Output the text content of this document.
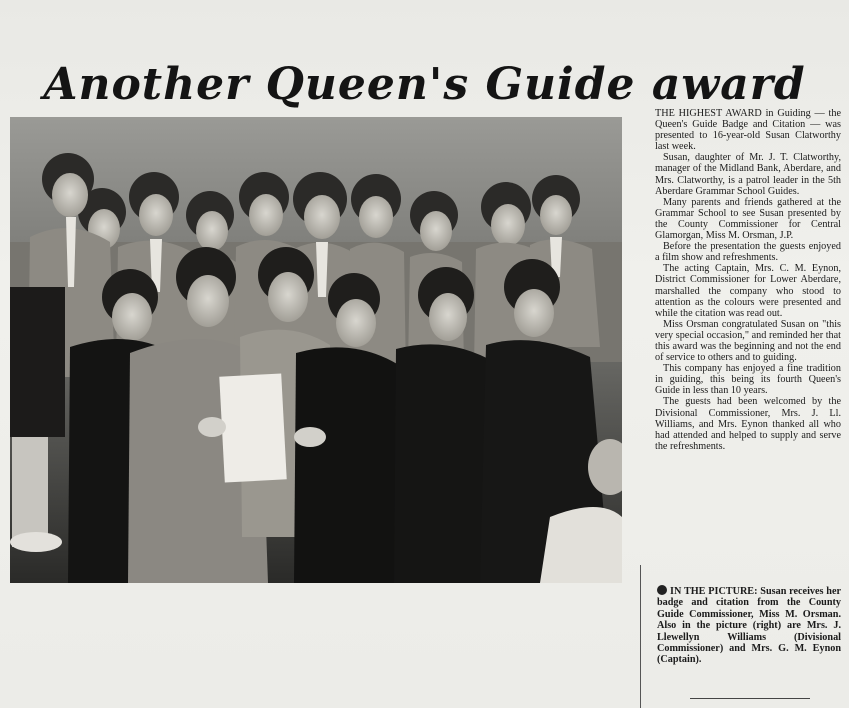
Another Queen's Guide award

THE HIGHEST AWARD in Guiding — the Queen's Guide Badge and Citation — was presented to 16-year-old Susan Clatworthy last week.

Susan, daughter of Mr. J. T. Clatworthy, manager of the Midland Bank, Aberdare, and Mrs. Clatworthy, is a patrol leader in the 5th Aberdare Grammar School Guides.

Many parents and friends gathered at the Grammar School to see Susan presented by the County Commissioner for Central Glamorgan, Miss M. Orsman, J.P.

Before the presentation the guests enjoyed a film show and refreshments.

The acting Captain, Mrs. C. M. Eynon, District Commissioner for Lower Aberdare, marshalled the company who stood to attention as the colours were presented and while the citation was read out.

Miss Orsman congratulated Susan on "this very special occasion," and reminded her that this award was the beginning and not the end of service to others and to guiding.

This company has enjoyed a fine tradition in guiding, this being its fourth Queen's Guide in less than 10 years.

The guests had been welcomed by the Divisional Commissioner, Mrs. J. Ll. Williams, and Mrs. Eynon thanked all who had attended and helped to supply and serve the refreshments.

IN THE PICTURE: Susan receives her badge and citation from the County Guide Commissioner, Miss M. Orsman. Also in the picture (right) are Mrs. J. Llewellyn Williams (Divisional Commissioner) and Mrs. G. M. Eynon (Captain).
